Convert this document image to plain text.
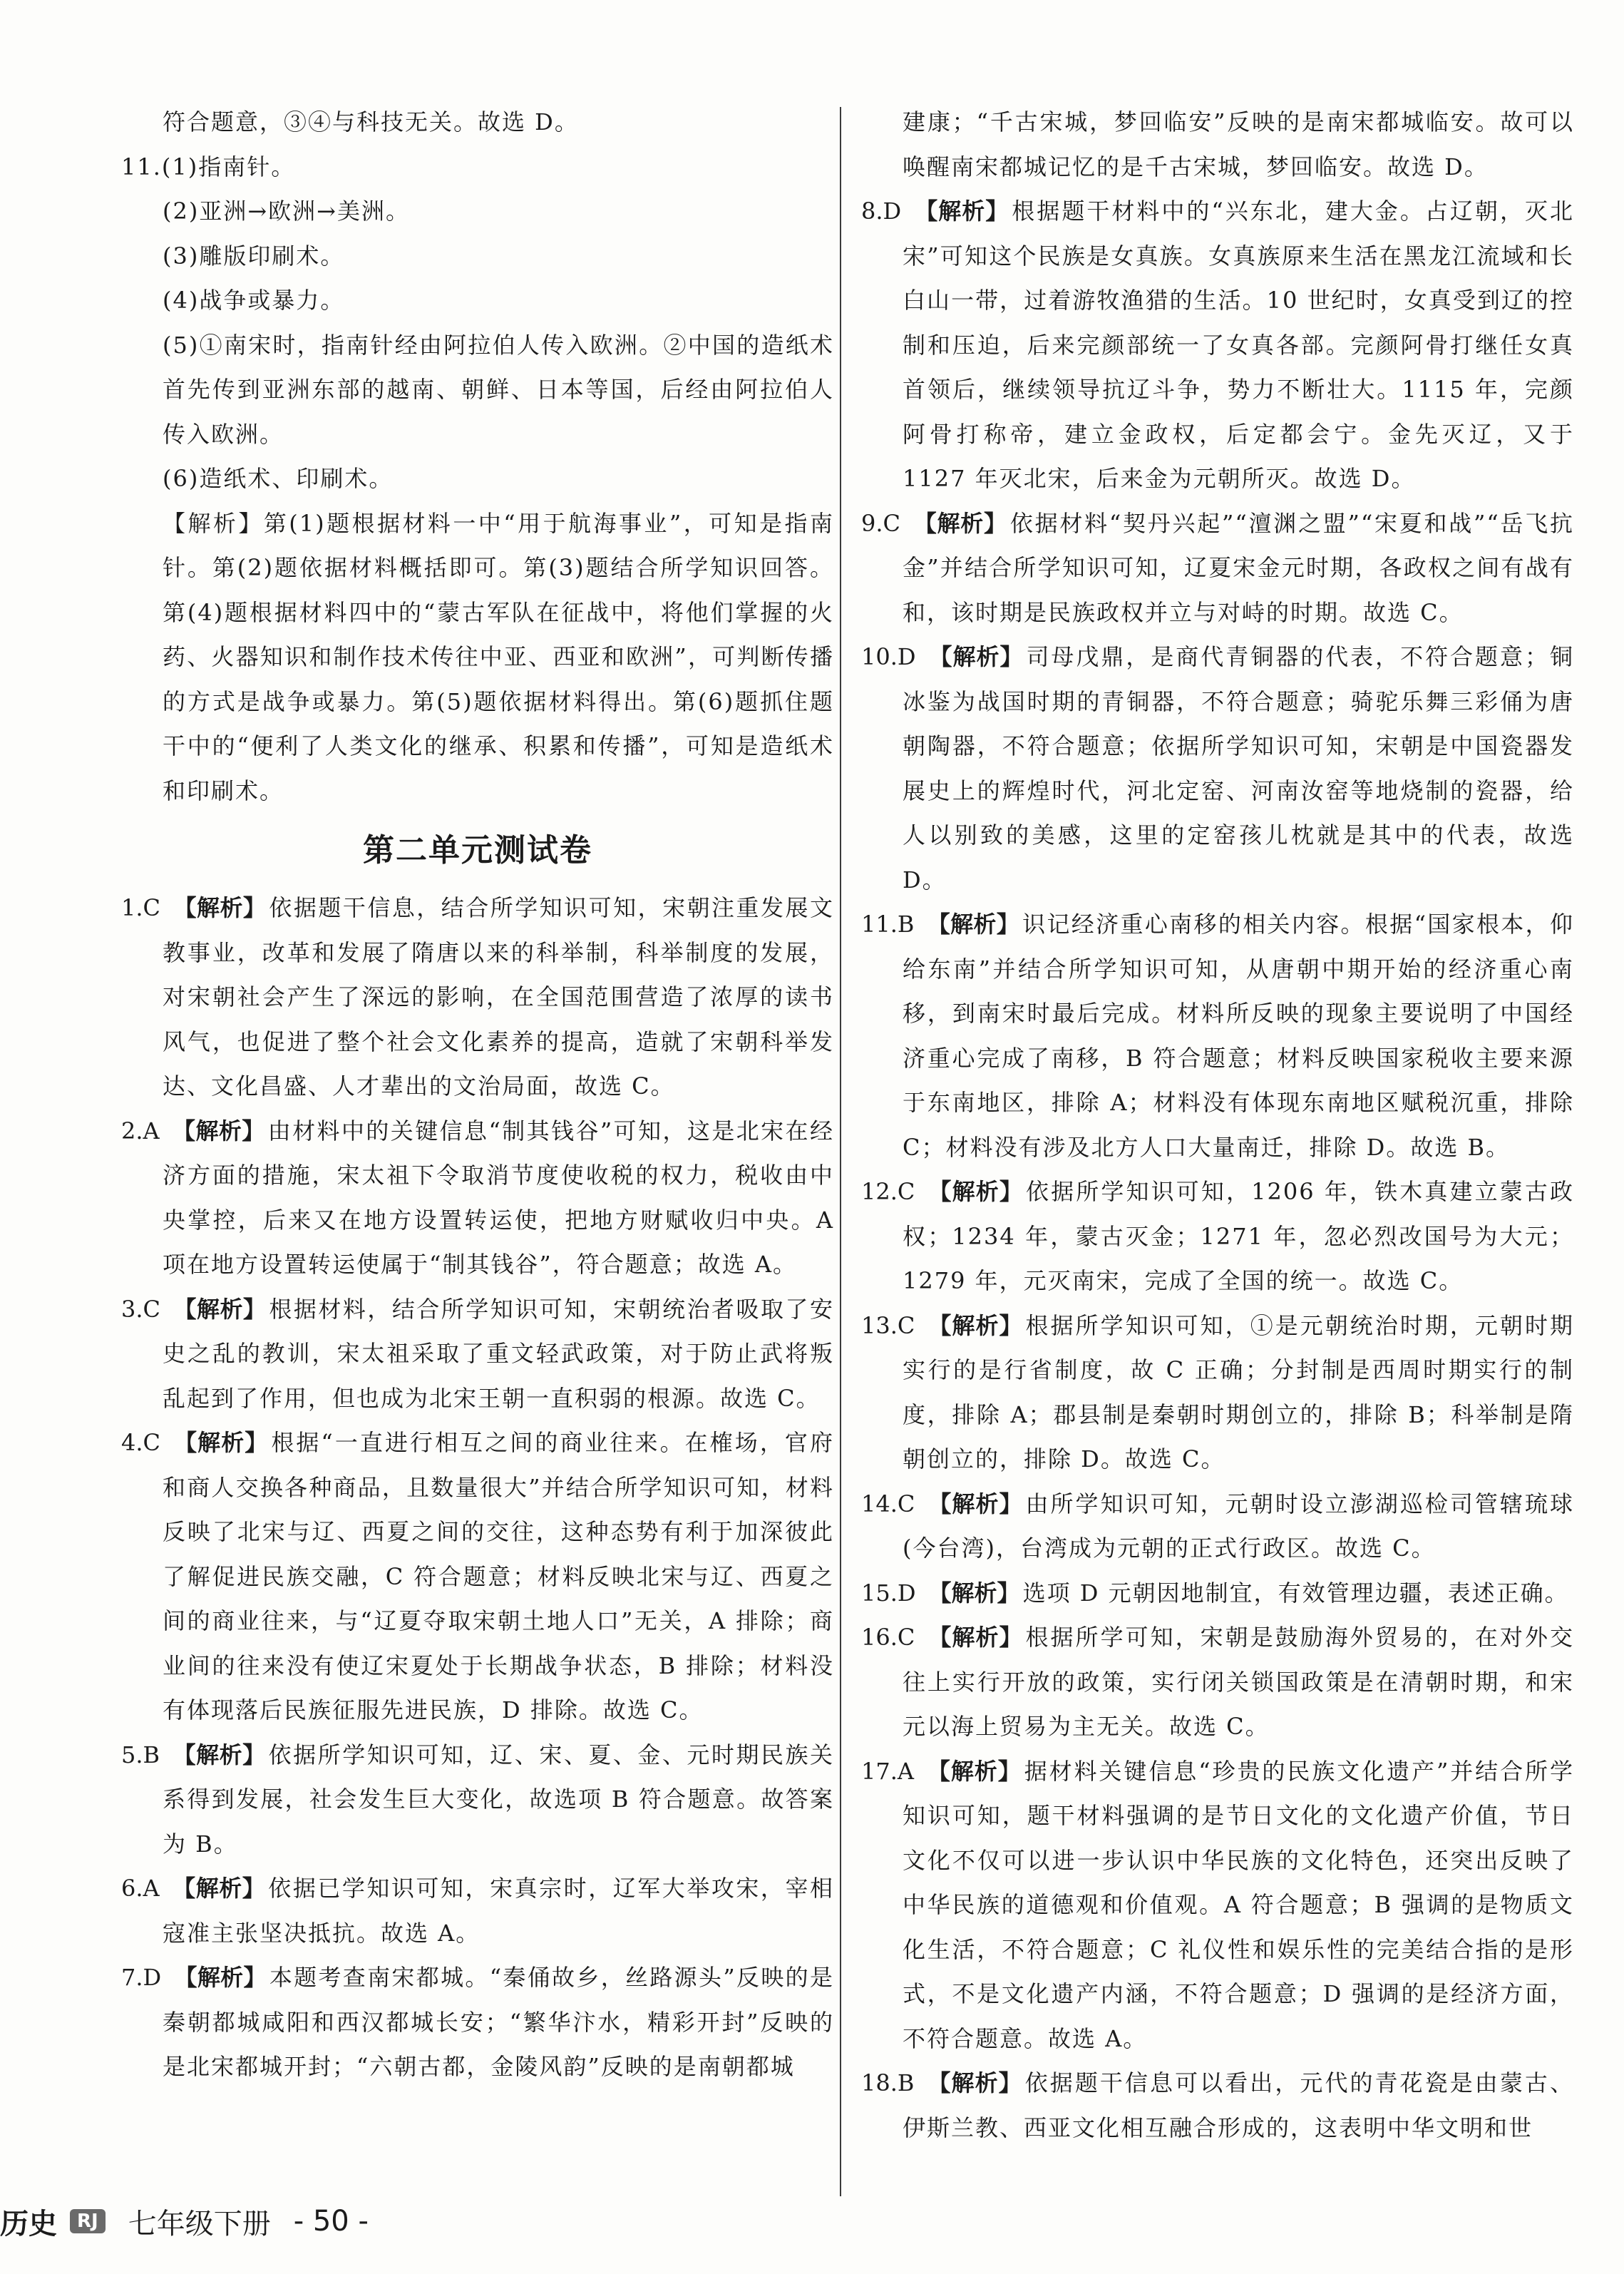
符合题意，③④与科技无关。故选 D。

11.(1)指南针。

(2)亚洲→欧洲→美洲。

(3)雕版印刷术。

(4)战争或暴力。

(5)①南宋时，指南针经由阿拉伯人传入欧洲。②中国的造纸术首先传到亚洲东部的越南、朝鲜、日本等国，后经由阿拉伯人传入欧洲。

(6)造纸术、印刷术。

【解析】第(1)题根据材料一中“用于航海事业”，可知是指南针。第(2)题依据材料概括即可。第(3)题结合所学知识回答。第(4)题根据材料四中的“蒙古军队在征战中，将他们掌握的火药、火器知识和制作技术传往中亚、西亚和欧洲”，可判断传播的方式是战争或暴力。第(5)题依据材料得出。第(6)题抓住题干中的“便利了人类文化的继承、积累和传播”，可知是造纸术和印刷术。

第二单元测试卷

1.C 【解析】 依据题干信息，结合所学知识可知，宋朝注重发展文教事业，改革和发展了隋唐以来的科举制，科举制度的发展，对宋朝社会产生了深远的影响，在全国范围营造了浓厚的读书风气，也促进了整个社会文化素养的提高，造就了宋朝科举发达、文化昌盛、人才辈出的文治局面，故选 C。

2.A 【解析】 由材料中的关键信息“制其钱谷”可知，这是北宋在经济方面的措施，宋太祖下令取消节度使收税的权力，税收由中央掌控，后来又在地方设置转运使，把地方财赋收归中央。A 项在地方设置转运使属于“制其钱谷”，符合题意；故选 A。

3.C 【解析】 根据材料，结合所学知识可知，宋朝统治者吸取了安史之乱的教训，宋太祖采取了重文轻武政策，对于防止武将叛乱起到了作用，但也成为北宋王朝一直积弱的根源。故选 C。

4.C 【解析】 根据“一直进行相互之间的商业往来。在榷场，官府和商人交换各种商品，且数量很大”并结合所学知识可知，材料反映了北宋与辽、西夏之间的交往，这种态势有利于加深彼此了解促进民族交融，C 符合题意；材料反映北宋与辽、西夏之间的商业往来，与“辽夏夺取宋朝土地人口”无关，A 排除；商业间的往来没有使辽宋夏处于长期战争状态，B 排除；材料没有体现落后民族征服先进民族，D 排除。故选 C。

5.B 【解析】 依据所学知识可知，辽、宋、夏、金、元时期民族关系得到发展，社会发生巨大变化，故选项 B 符合题意。故答案为 B。

6.A 【解析】 依据已学知识可知，宋真宗时，辽军大举攻宋，宰相寇准主张坚决抵抗。故选 A。

7.D 【解析】 本题考查南宋都城。“秦俑故乡，丝路源头”反映的是秦朝都城咸阳和西汉都城长安；“繁华汴水，精彩开封”反映的是北宋都城开封；“六朝古都，金陵风韵”反映的是南朝都城

建康；“千古宋城，梦回临安”反映的是南宋都城临安。故可以唤醒南宋都城记忆的是千古宋城，梦回临安。故选 D。

8.D 【解析】 根据题干材料中的“兴东北，建大金。占辽朝，灭北宋”可知这个民族是女真族。女真族原来生活在黑龙江流域和长白山一带，过着游牧渔猎的生活。10 世纪时，女真受到辽的控制和压迫，后来完颜部统一了女真各部。完颜阿骨打继任女真首领后，继续领导抗辽斗争，势力不断壮大。1115 年，完颜阿骨打称帝，建立金政权，后定都会宁。金先灭辽，又于 1127 年灭北宋，后来金为元朝所灭。故选 D。

9.C 【解析】 依据材料“契丹兴起”“澶渊之盟”“宋夏和战”“岳飞抗金”并结合所学知识可知，辽夏宋金元时期，各政权之间有战有和，该时期是民族政权并立与对峙的时期。故选 C。

10.D 【解析】 司母戊鼎，是商代青铜器的代表，不符合题意；铜冰鉴为战国时期的青铜器，不符合题意；骑驼乐舞三彩俑为唐朝陶器，不符合题意；依据所学知识可知，宋朝是中国瓷器发展史上的辉煌时代，河北定窑、河南汝窑等地烧制的瓷器，给人以别致的美感，这里的定窑孩儿枕就是其中的代表，故选 D。

11.B 【解析】 识记经济重心南移的相关内容。根据“国家根本，仰给东南”并结合所学知识可知，从唐朝中期开始的经济重心南移，到南宋时最后完成。材料所反映的现象主要说明了中国经济重心完成了南移，B 符合题意；材料反映国家税收主要来源于东南地区，排除 A；材料没有体现东南地区赋税沉重，排除 C；材料没有涉及北方人口大量南迁，排除 D。故选 B。

12.C 【解析】 依据所学知识可知，1206 年，铁木真建立蒙古政权；1234 年，蒙古灭金；1271 年，忽必烈改国号为大元；1279 年，元灭南宋，完成了全国的统一。故选 C。

13.C 【解析】 根据所学知识可知，①是元朝统治时期，元朝时期实行的是行省制度，故 C 正确；分封制是西周时期实行的制度，排除 A；郡县制是秦朝时期创立的，排除 B；科举制是隋朝创立的，排除 D。故选 C。

14.C 【解析】 由所学知识可知，元朝时设立澎湖巡检司管辖琉球(今台湾)，台湾成为元朝的正式行政区。故选 C。

15.D 【解析】 选项 D 元朝因地制宜，有效管理边疆，表述正确。

16.C 【解析】 根据所学可知，宋朝是鼓励海外贸易的，在对外交往上实行开放的政策，实行闭关锁国政策是在清朝时期，和宋元以海上贸易为主无关。故选 C。

17.A 【解析】 据材料关键信息“珍贵的民族文化遗产”并结合所学知识可知，题干材料强调的是节日文化的文化遗产价值，节日文化不仅可以进一步认识中华民族的文化特色，还突出反映了中华民族的道德观和价值观。A 符合题意；B 强调的是物质文化生活，不符合题意；C 礼仪性和娱乐性的完美结合指的是形式，不是文化遗产内涵，不符合题意；D 强调的是经济方面，不符合题意。故选 A。

18.B 【解析】 依据题干信息可以看出，元代的青花瓷是由蒙古、伊斯兰教、西亚文化相互融合形成的，这表明中华文明和世

历史	RJ 七年级下册 - 50 -
